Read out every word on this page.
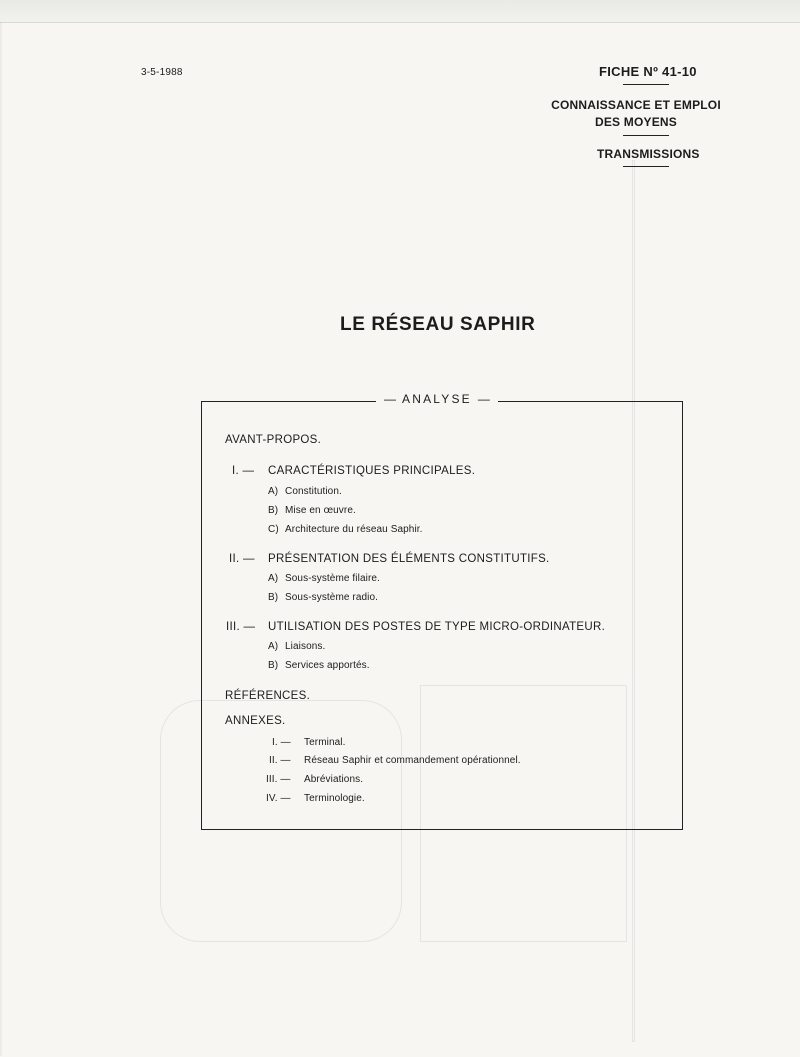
3-5-1988	FICHE Nº 41-10
CONNAISSANCE ET EMPLOI
DES MOYENS
TRANSMISSIONS
LE RÉSEAU SAPHIR
— ANALYSE —
AVANT-PROPOS.
I. — CARACTÉRISTIQUES PRINCIPALES.
A) Constitution.
B) Mise en œuvre.
C) Architecture du réseau Saphir.
II. — PRÉSENTATION DES ÉLÉMENTS CONSTITUTIFS.
A) Sous-système filaire.
B) Sous-système radio.
III. — UTILISATION DES POSTES DE TYPE MICRO-ORDINATEUR.
A) Liaisons.
B) Services apportés.
RÉFÉRENCES.
ANNEXES.
I. — Terminal.
II. — Réseau Saphir et commandement opérationnel.
III. — Abréviations.
IV. — Terminologie.
